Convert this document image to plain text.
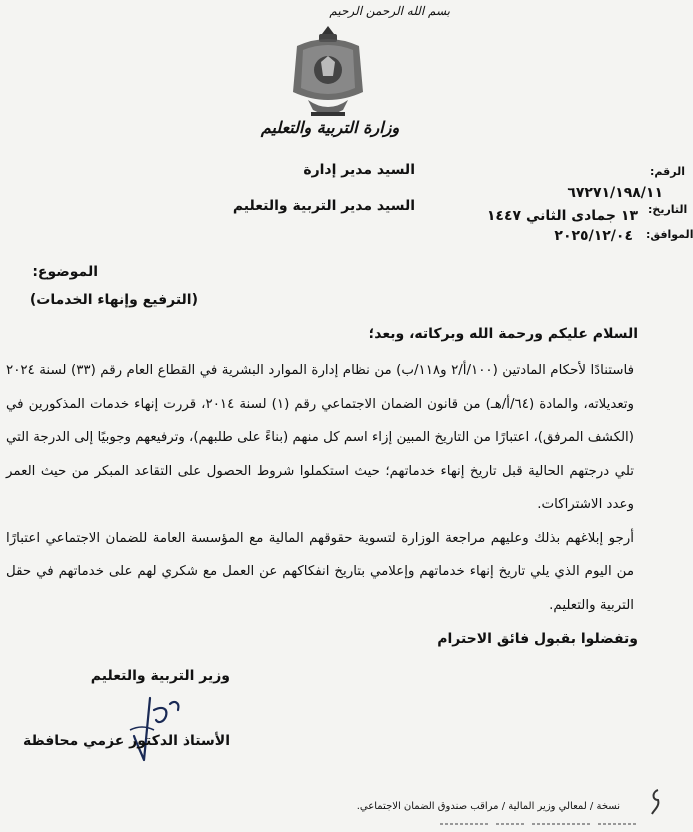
بسم الله الرحمن الرحيم
وزارة التربية والتعليم
السيد مدير إدارة
السيد مدير التربية والتعليم
الرقم:
٦٧٢٧١/١٩٨/١١
التاريخ:
١٣ جمادى الثاني ١٤٤٧
الموافق:
٢٠٢٥/١٢/٠٤
الموضوع:
(الترفيع وإنهاء الخدمات)
السلام عليكم ورحمة الله وبركاته، وبعد؛

فاستنادًا لأحكام المادتين (١٠٠/أ/٢ و١١٨/ب) من نظام إدارة الموارد البشرية في القطاع العام رقم (٣٣) لسنة ٢٠٢٤ وتعديلاته، والمادة (٦٤/أ/هـ) من قانون الضمان الاجتماعي رقم (١) لسنة ٢٠١٤، قررت إنهاء خدمات المذكورين في (الكشف المرفق)، اعتبارًا من التاريخ المبين إزاء اسم كل منهم (بناءً على طلبهم)، وترفيعهم وجوبيًا إلى الدرجة التي تلي درجتهم الحالية قبل تاريخ إنهاء خدماتهم؛ حيث استكملوا شروط الحصول على التقاعد المبكر من حيث العمر وعدد الاشتراكات.

أرجو إبلاغهم بذلك وعليهم مراجعة الوزارة لتسوية حقوقهم المالية مع المؤسسة العامة للضمان الاجتماعي اعتبارًا من اليوم الذي يلي تاريخ إنهاء خدماتهم وإعلامي بتاريخ انفكاكهم عن العمل مع شكري لهم على خدماتهم في حقل التربية والتعليم.

وتفضلوا بقبول فائق الاحترام
وزير التربية والتعليم
الأستاذ الدكتور عزمي محافظة
نسخة / لمعالي وزير المالية / مراقب صندوق الضمان الاجتماعي.
